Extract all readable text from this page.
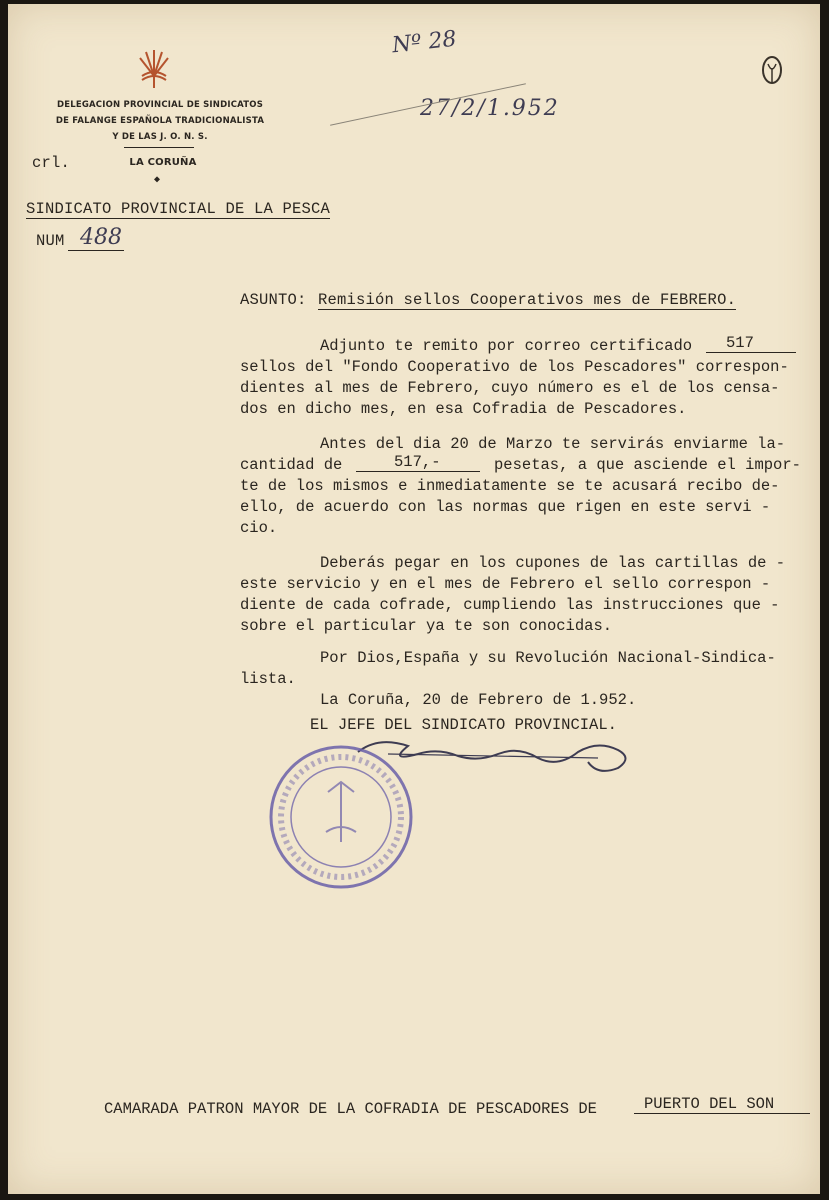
DELEGACION PROVINCIAL DE SINDICATOS
DE FALANGE ESPAÑOLA TRADICIONALISTA
Y DE LAS J. O. N. S.
crl.	LA CORUÑA
◆
Nº 28
27/2/1.952
SINDICATO PROVINCIAL DE LA PESCA
NUM 488
ASUNTO: Remisión sellos Cooperativos mes de FEBRERO.
Adjunto te remito por correo certificado	517
sellos del "Fondo Cooperativo de los Pescadores" correspon-
dientes al mes de Febrero, cuyo número es el de los censa-
dos en dicho mes, en esa Cofradia de Pescadores.
Antes del dia 20 de Marzo te servirás enviarme la-
cantidad de	517,-	pesetas, a que asciende el impor-
te de los mismos e inmediatamente se te acusará recibo de-
ello, de acuerdo con las normas que rigen en este servi -
cio.
Deberás pegar en los cupones de las cartillas de -
este servicio y en el mes de Febrero el sello correspon -
diente de cada cofrade, cumpliendo las instrucciones que -
sobre el particular ya te son conocidas.
Por Dios,España y su Revolución Nacional-Sindica-
lista.
La Coruña, 20 de Febrero de 1.952.
EL JEFE DEL SINDICATO PROVINCIAL.
CAMARADA PATRON MAYOR DE LA COFRADIA DE PESCADORES DE	PUERTO DEL SON
